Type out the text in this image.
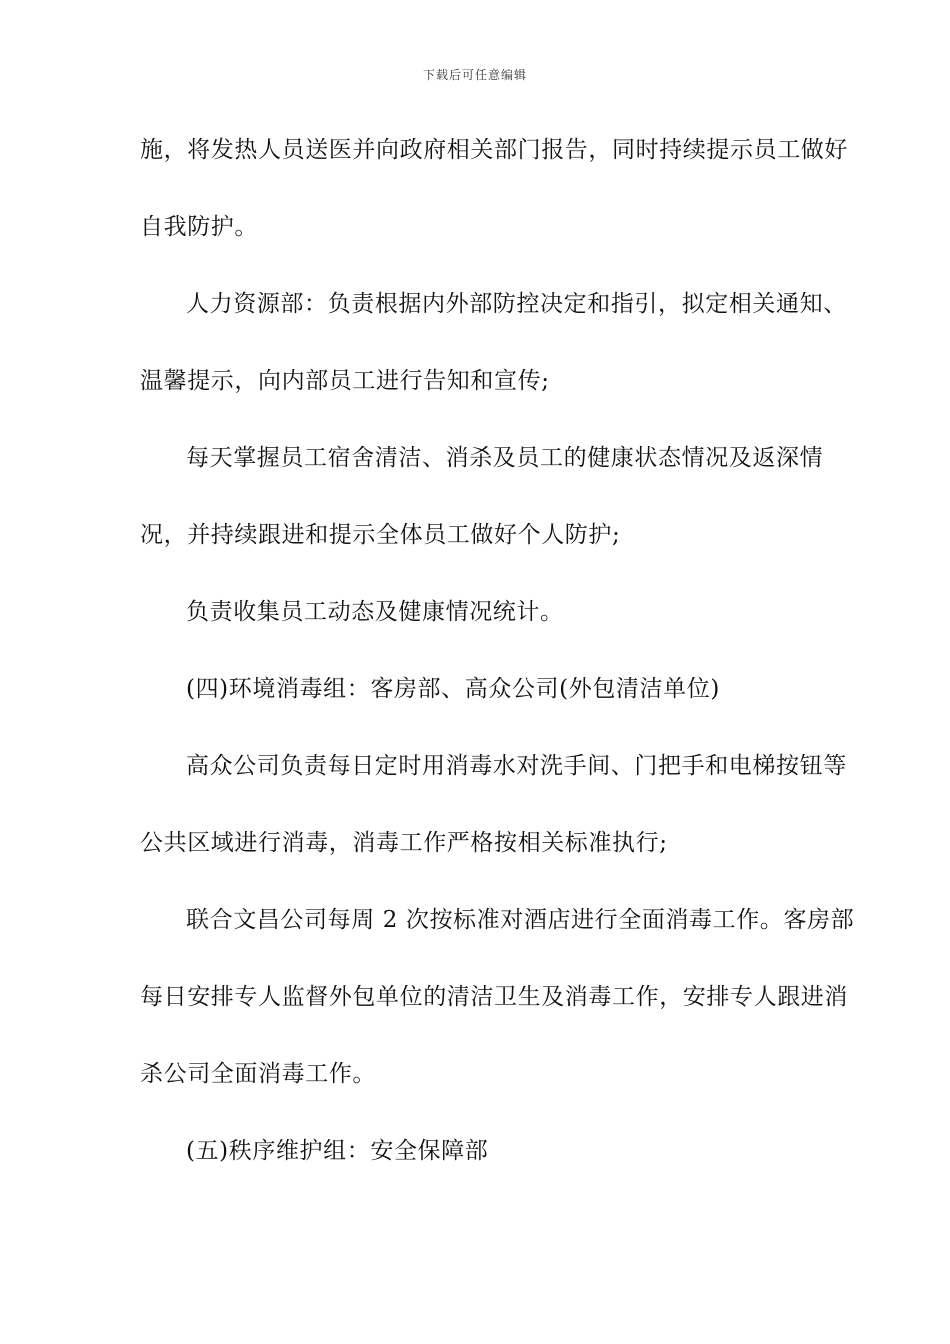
下载后可任意编辑
施，将发热人员送医并向政府相关部门报告，同时持续提示员工做好
自我防护。
人力资源部：负责根据内外部防控决定和指引，拟定相关通知、
温馨提示，向内部员工进行告知和宣传;
每天掌握员工宿舍清洁、消杀及员工的健康状态情况及返深情
况，并持续跟进和提示全体员工做好个人防护;
负责收集员工动态及健康情况统计。
(四)环境消毒组：客房部、高众公司(外包清洁单位)
高众公司负责每日定时用消毒水对洗手间、门把手和电梯按钮等
公共区域进行消毒，消毒工作严格按相关标准执行;
联合文昌公司每周 2 次按标准对酒店进行全面消毒工作。客房部
每日安排专人监督外包单位的清洁卫生及消毒工作，安排专人跟进消
杀公司全面消毒工作。
(五)秩序维护组：安全保障部
